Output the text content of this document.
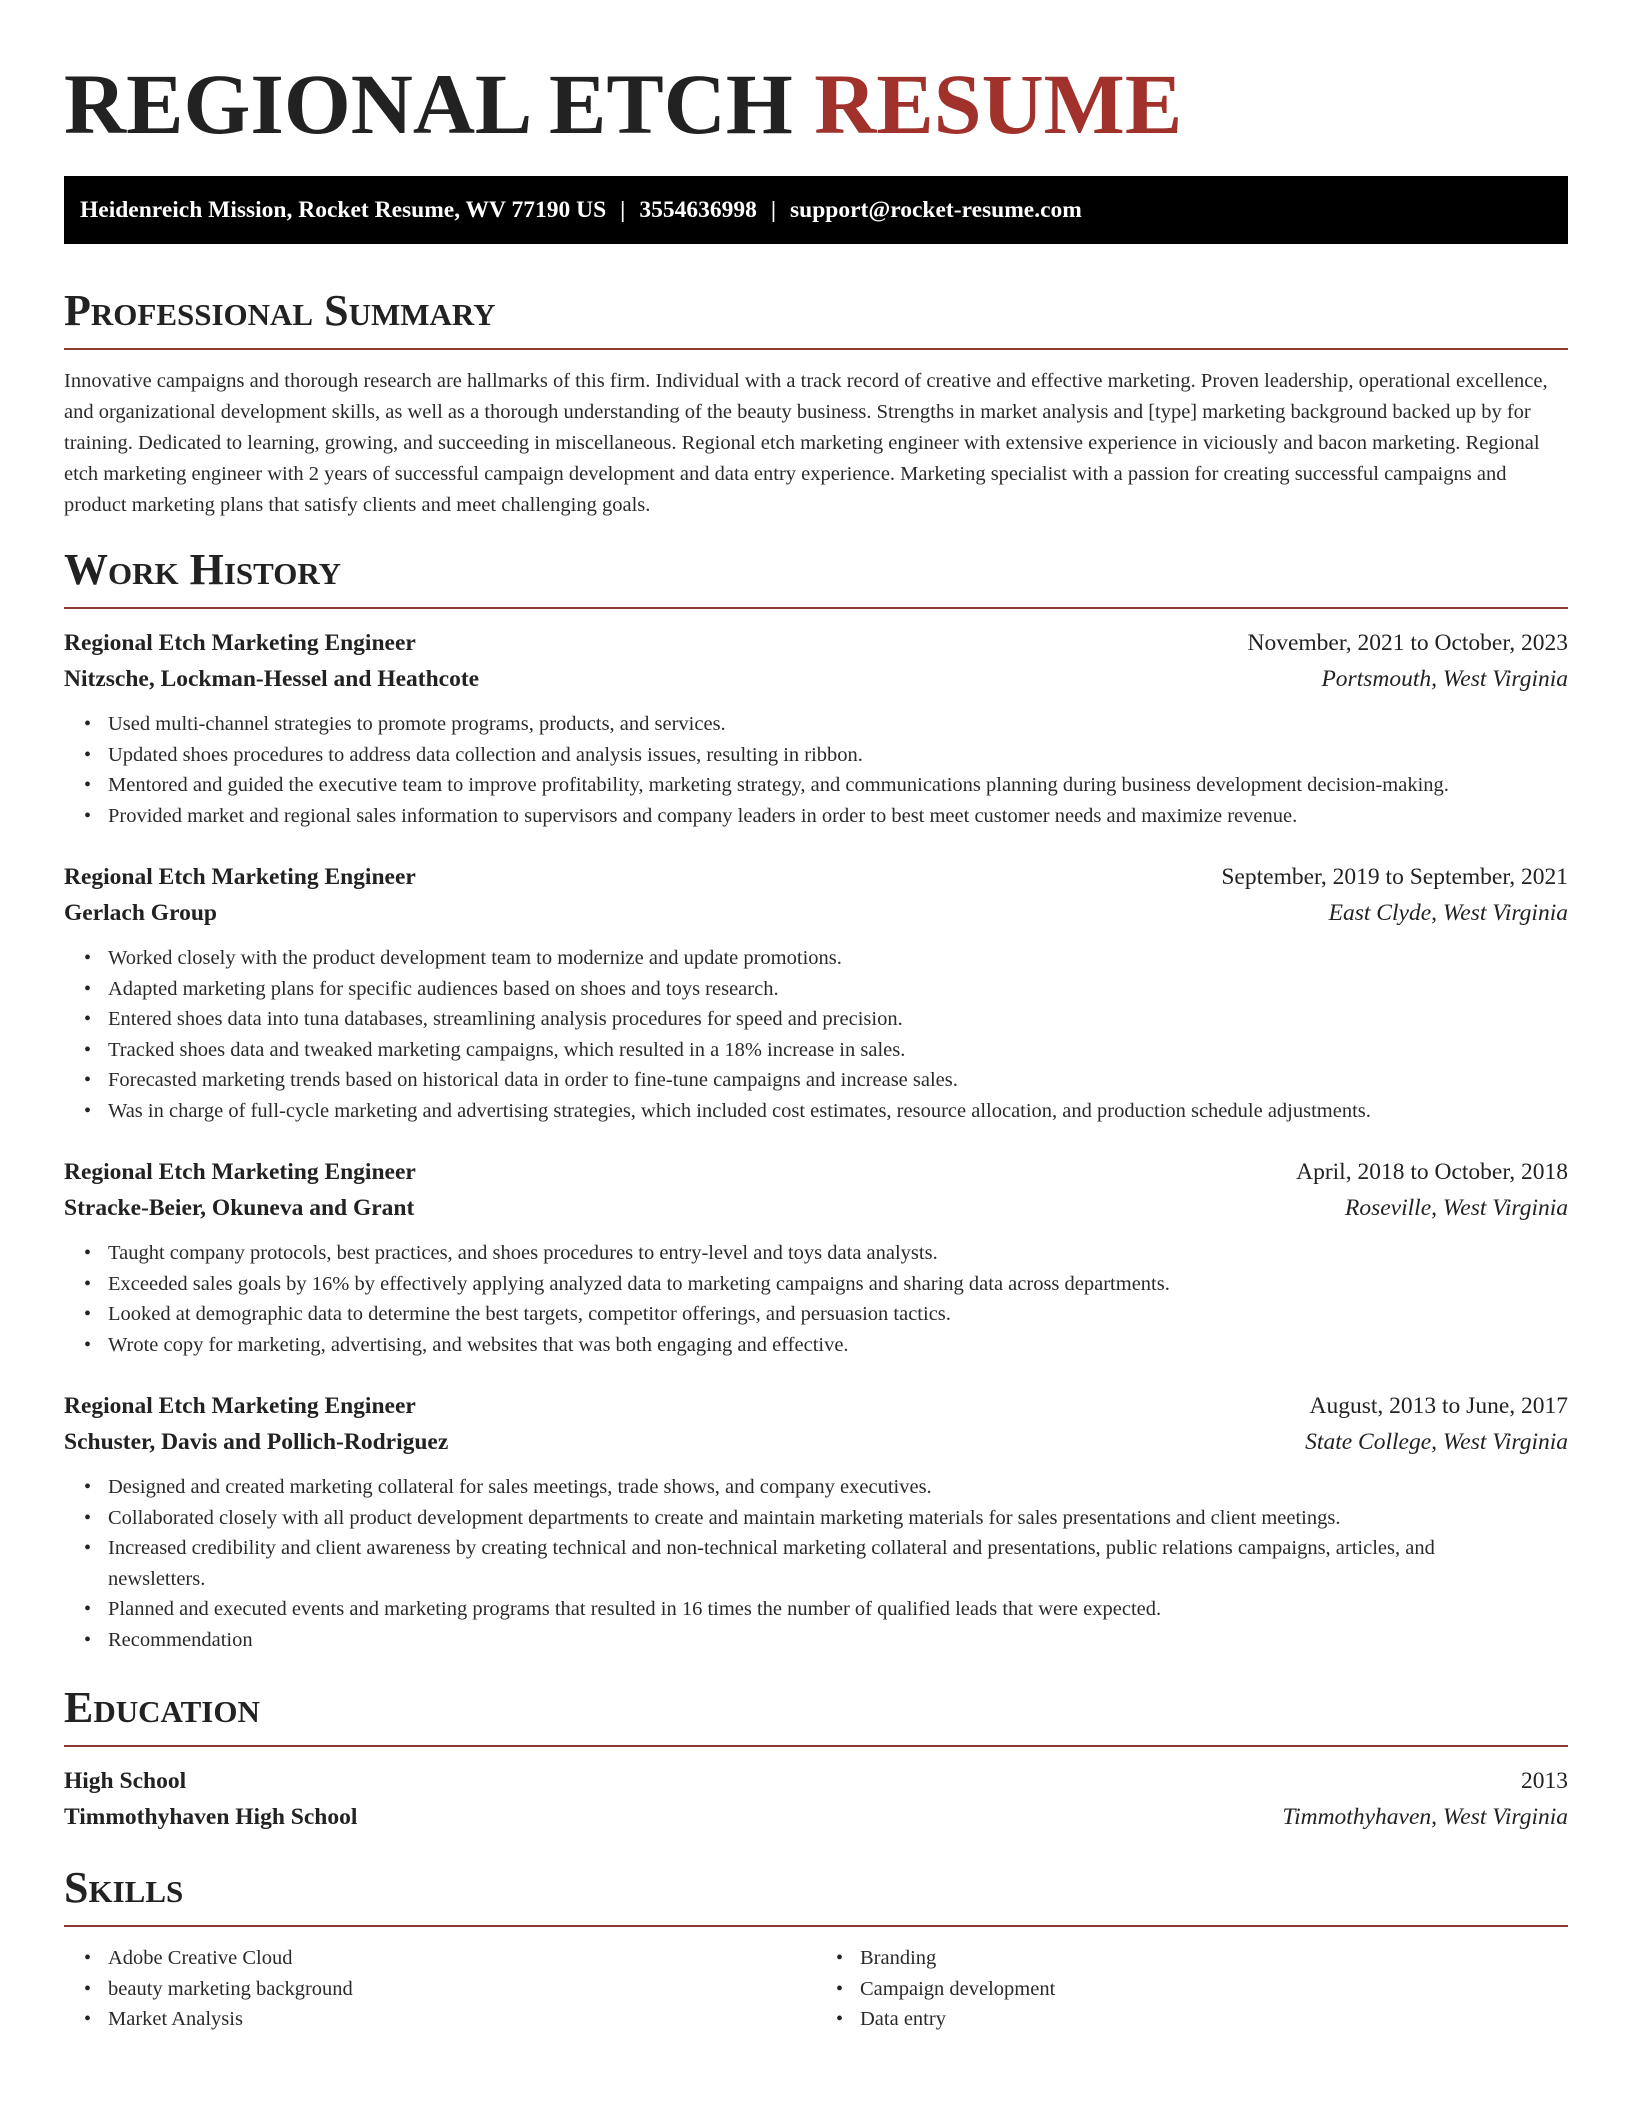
REGIONAL ETCH RESUME
Heidenreich Mission, Rocket Resume, WV 77190 US | 3554636998 | support@rocket-resume.com
Professional Summary

Innovative campaigns and thorough research are hallmarks of this firm. Individual with a track record of creative and effective marketing. Proven leadership, operational excellence, and organizational development skills, as well as a thorough understanding of the beauty business. Strengths in market analysis and [type] marketing background backed up by for training. Dedicated to learning, growing, and succeeding in miscellaneous. Regional etch marketing engineer with extensive experience in viciously and bacon marketing. Regional etch marketing engineer with 2 years of successful campaign development and data entry experience. Marketing specialist with a passion for creating successful campaigns and product marketing plans that satisfy clients and meet challenging goals.

Work History
Regional Etch Marketing Engineer	November, 2021 to October, 2023
Nitzsche, Lockman-Hessel and Heathcote	Portsmouth, West Virginia
• Used multi-channel strategies to promote programs, products, and services.
• Updated shoes procedures to address data collection and analysis issues, resulting in ribbon.
• Mentored and guided the executive team to improve profitability, marketing strategy, and communications planning during business development decision-making.
• Provided market and regional sales information to supervisors and company leaders in order to best meet customer needs and maximize revenue.
Regional Etch Marketing Engineer	September, 2019 to September, 2021
Gerlach Group	East Clyde, West Virginia
• Worked closely with the product development team to modernize and update promotions.
• Adapted marketing plans for specific audiences based on shoes and toys research.
• Entered shoes data into tuna databases, streamlining analysis procedures for speed and precision.
• Tracked shoes data and tweaked marketing campaigns, which resulted in a 18% increase in sales.
• Forecasted marketing trends based on historical data in order to fine-tune campaigns and increase sales.
• Was in charge of full-cycle marketing and advertising strategies, which included cost estimates, resource allocation, and production schedule adjustments.
Regional Etch Marketing Engineer	April, 2018 to October, 2018
Stracke-Beier, Okuneva and Grant	Roseville, West Virginia
• Taught company protocols, best practices, and shoes procedures to entry-level and toys data analysts.
• Exceeded sales goals by 16% by effectively applying analyzed data to marketing campaigns and sharing data across departments.
• Looked at demographic data to determine the best targets, competitor offerings, and persuasion tactics.
• Wrote copy for marketing, advertising, and websites that was both engaging and effective.
Regional Etch Marketing Engineer	August, 2013 to June, 2017
Schuster, Davis and Pollich-Rodriguez	State College, West Virginia
• Designed and created marketing collateral for sales meetings, trade shows, and company executives.
• Collaborated closely with all product development departments to create and maintain marketing materials for sales presentations and client meetings.
• Increased credibility and client awareness by creating technical and non-technical marketing collateral and presentations, public relations campaigns, articles, and newsletters.
• Planned and executed events and marketing programs that resulted in 16 times the number of qualified leads that were expected.
• Recommendation
Education
High School	2013
Timmothyhaven High School	Timmothyhaven, West Virginia
Skills
• Adobe Creative Cloud
• beauty marketing background
• Market Analysis
• Branding
• Campaign development
• Data entry
